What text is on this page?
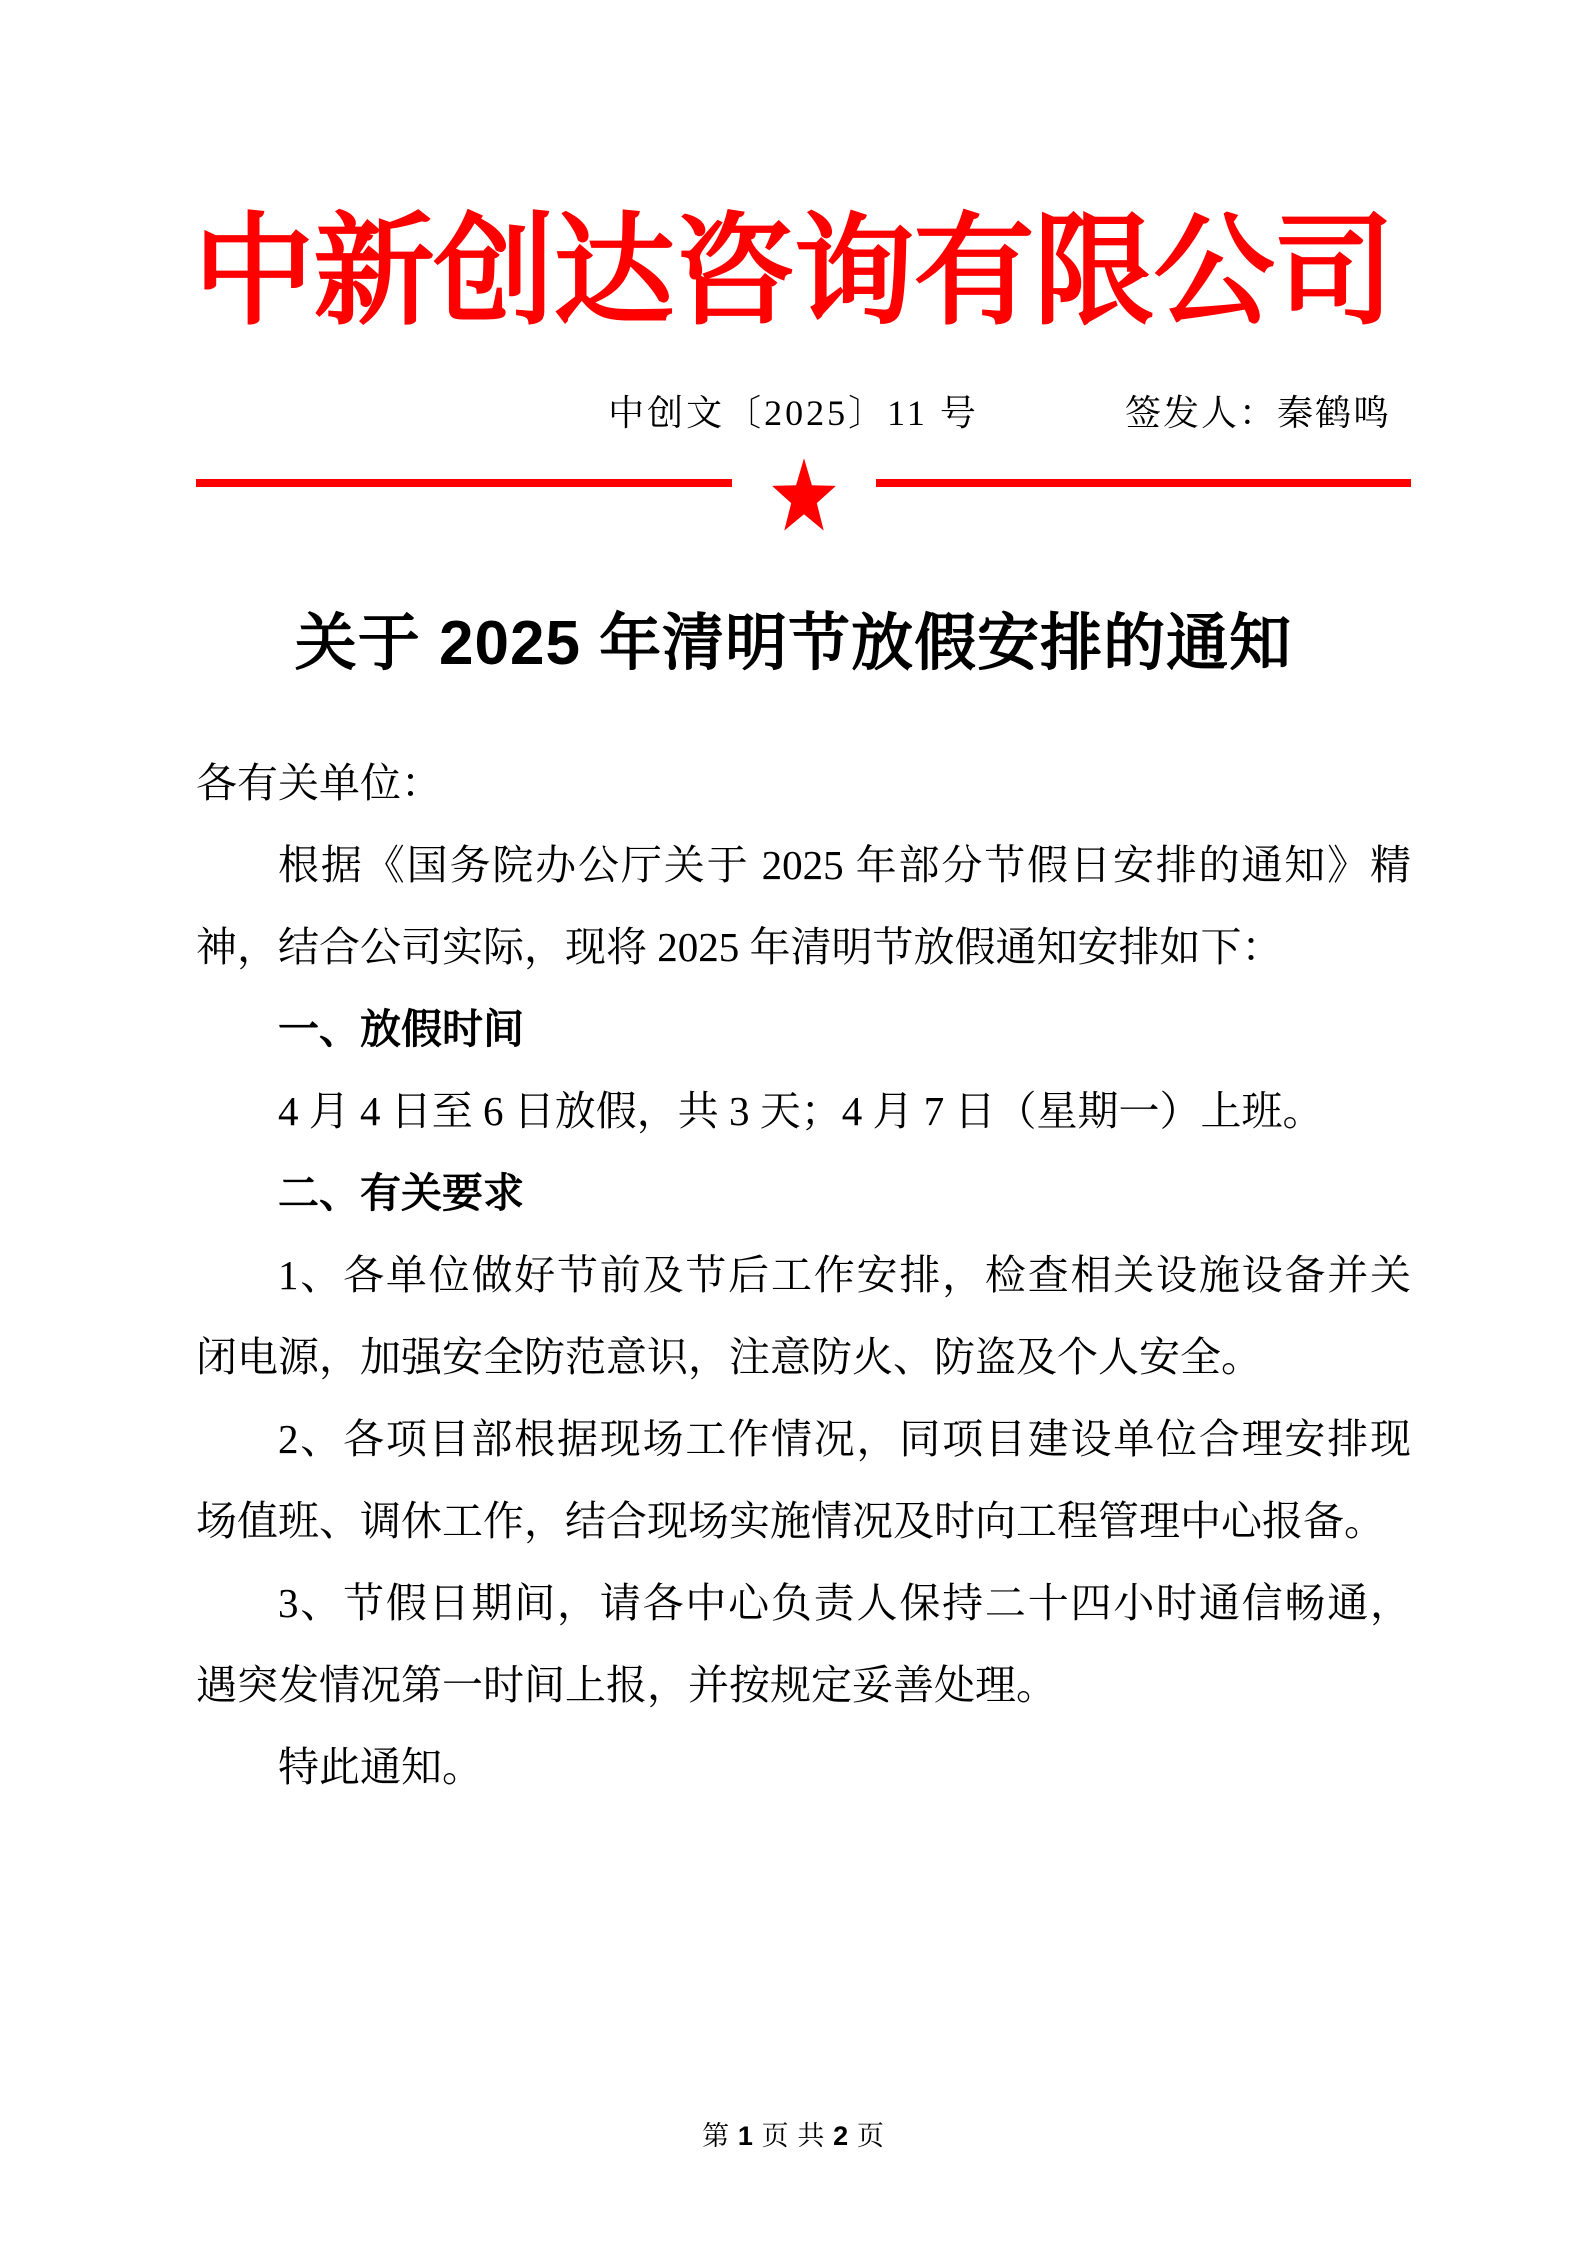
中新创达咨询有限公司
中创文〔2025〕11 号	签发人：秦鹤鸣
关于 2025 年清明节放假安排的通知
各有关单位：
根据《国务院办公厅关于 2025 年部分节假日安排的通知》精
神，结合公司实际，现将 2025 年清明节放假通知安排如下：
一、放假时间
4 月 4 日至 6 日放假，共 3 天；4 月 7 日（星期一）上班。
二、有关要求
1、各单位做好节前及节后工作安排，检查相关设施设备并关
闭电源，加强安全防范意识，注意防火、防盗及个人安全。
2、各项目部根据现场工作情况，同项目建设单位合理安排现
场值班、调休工作，结合现场实施情况及时向工程管理中心报备。
3、节假日期间，请各中心负责人保持二十四小时通信畅通，
遇突发情况第一时间上报，并按规定妥善处理。
特此通知。
第 1 页 共 2 页
